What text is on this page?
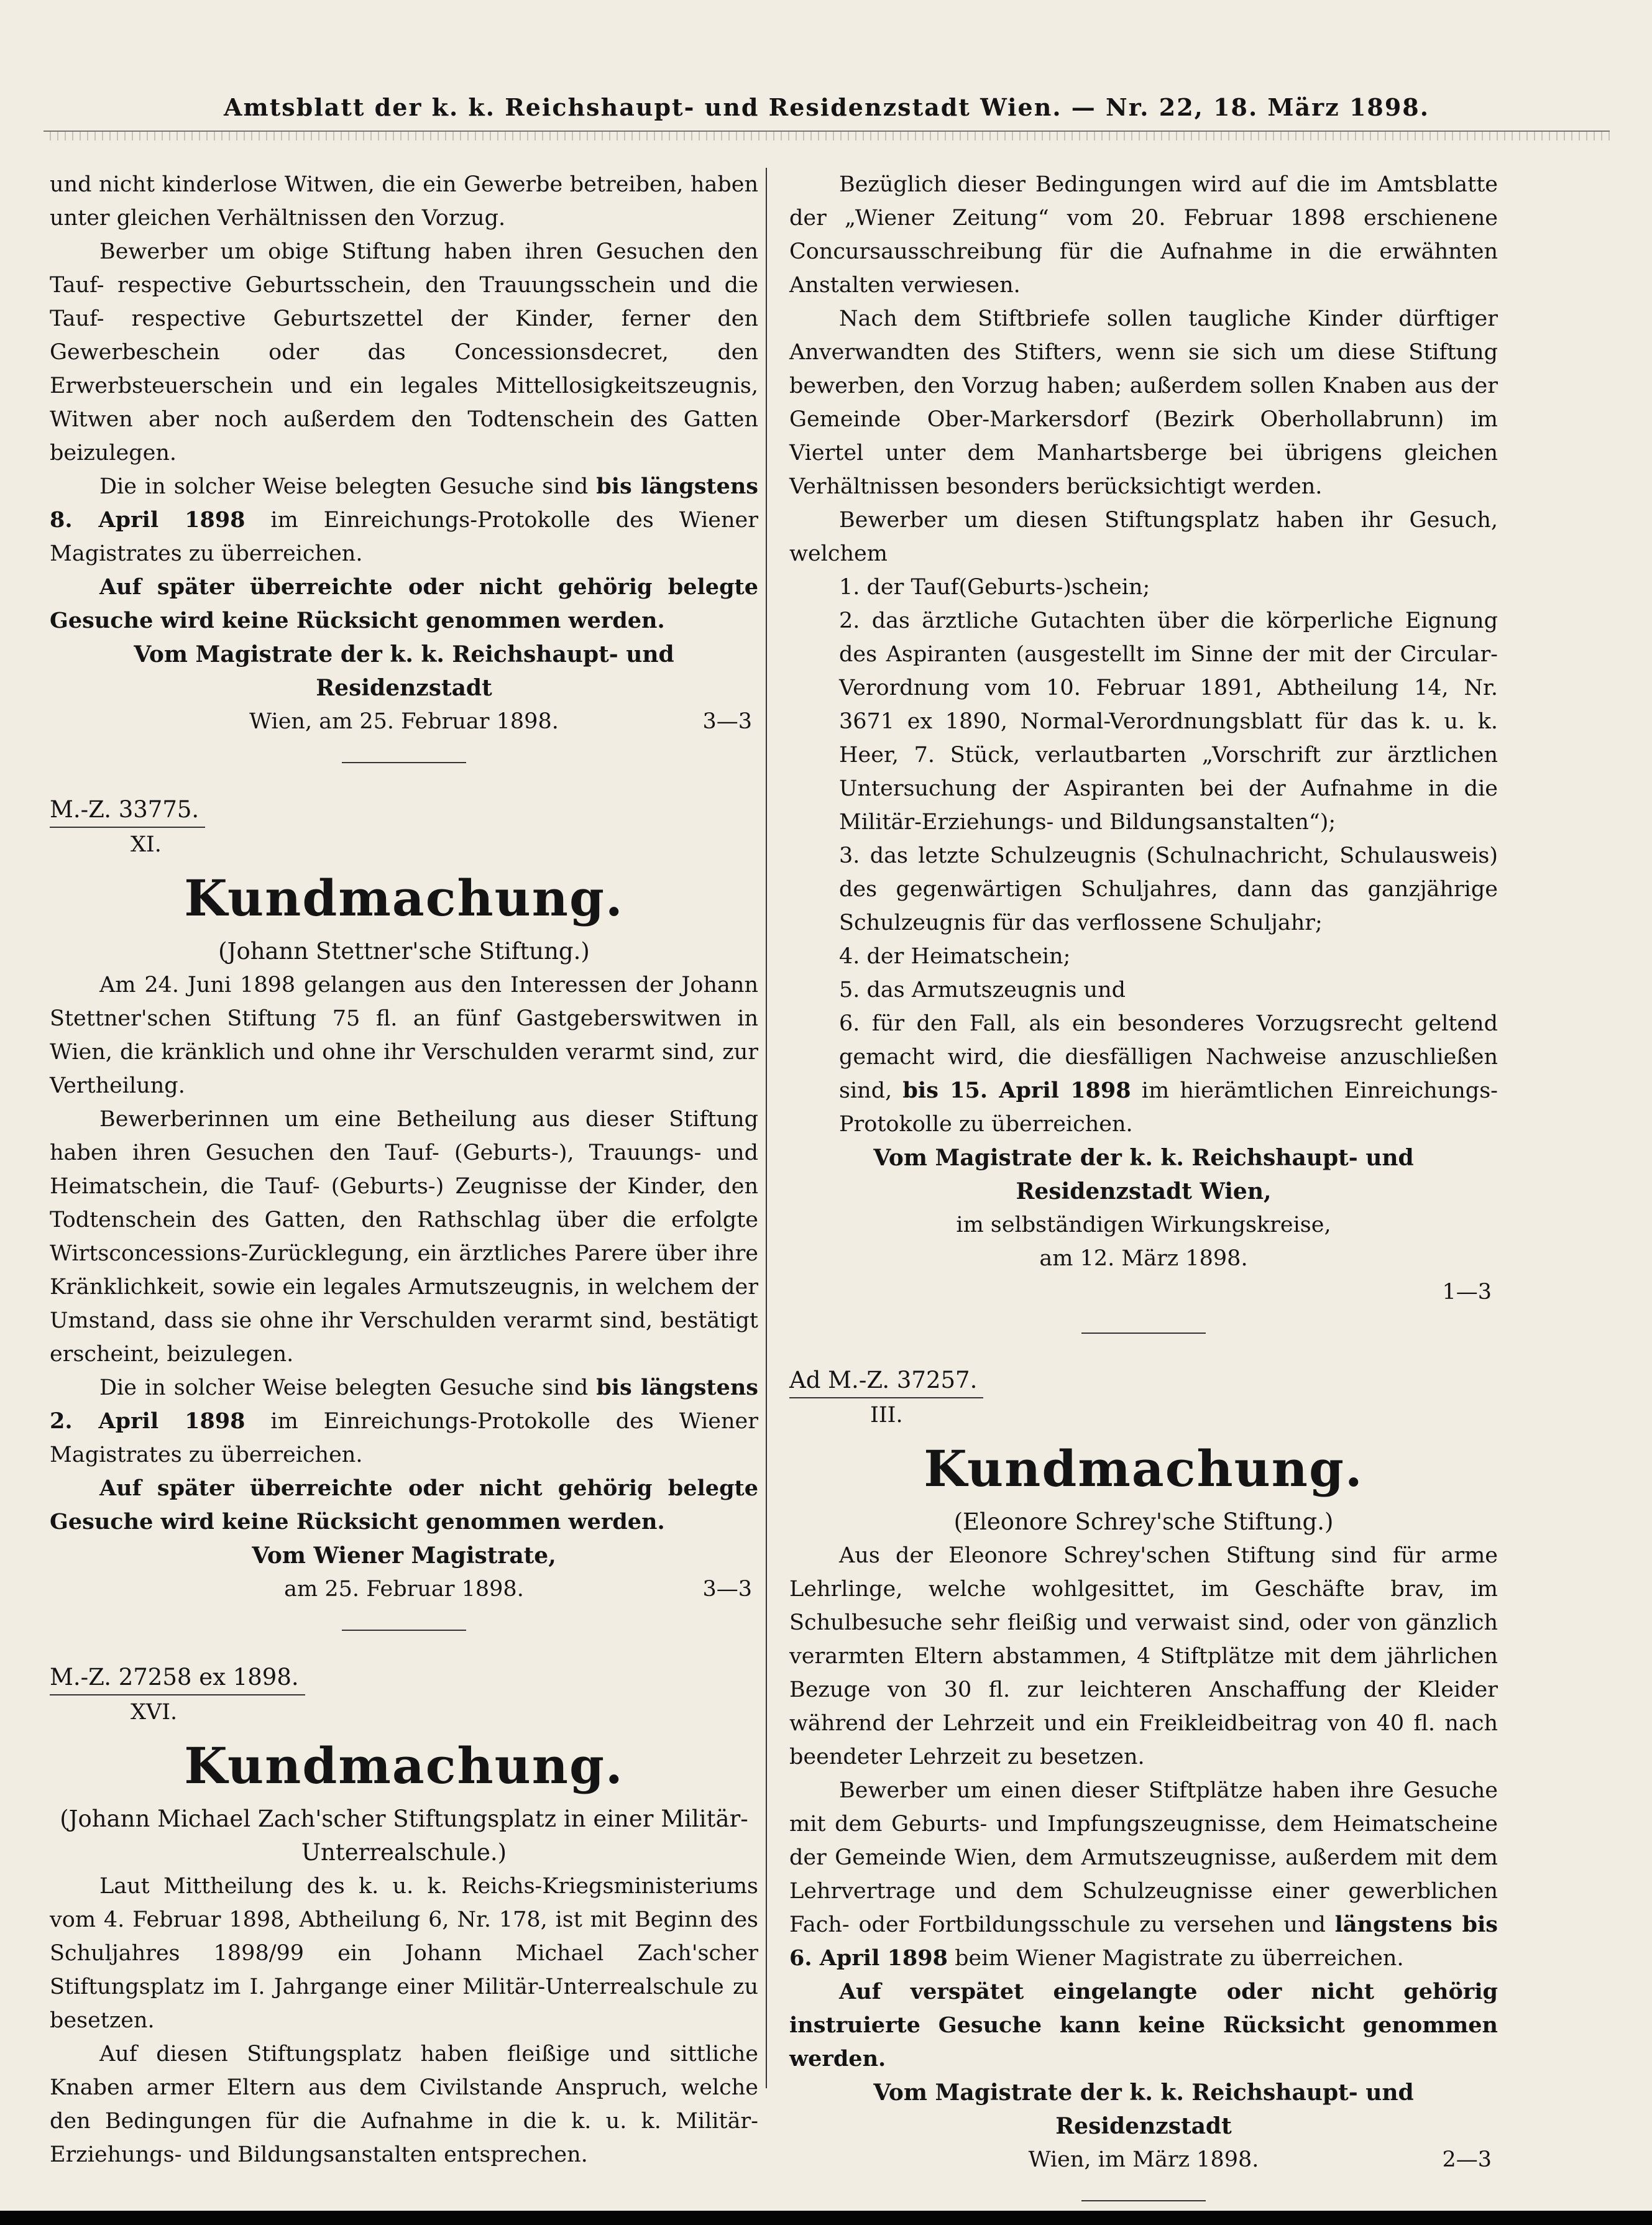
Amtsblatt der k. k. Reichshaupt- und Residenzstadt Wien. — Nr. 22, 18. März 1898.

und nicht kinderlose Witwen, die ein Gewerbe betreiben, haben unter gleichen Verhältnissen den Vorzug.

Bewerber um obige Stiftung haben ihren Gesuchen den Tauf- respective Geburtsschein, den Trauungsschein und die Tauf- respective Geburtszettel der Kinder, ferner den Gewerbeschein oder das Concessionsdecret, den Erwerbsteuerschein und ein legales Mittellosigkeitszeugnis, Witwen aber noch außerdem den Todtenschein des Gatten beizulegen.

Die in solcher Weise belegten Gesuche sind bis längstens 8. April 1898 im Einreichungs-Protokolle des Wiener Magistrates zu überreichen.

Auf später überreichte oder nicht gehörig belegte Gesuche wird keine Rücksicht genommen werden.

Vom Magistrate der k. k. Reichshaupt- und Residenzstadt

Wien, am 25. Februar 1898.	3—3
M.-Z. 33775.
XI.
Kundmachung.
(Johann Stettner'sche Stiftung.)

Am 24. Juni 1898 gelangen aus den Interessen der Johann Stettner'schen Stiftung 75 fl. an fünf Gastgeberswitwen in Wien, die kränklich und ohne ihr Verschulden verarmt sind, zur Vertheilung.

Bewerberinnen um eine Betheilung aus dieser Stiftung haben ihren Gesuchen den Tauf- (Geburts-), Trauungs- und Heimatschein, die Tauf- (Geburts-) Zeugnisse der Kinder, den Todtenschein des Gatten, den Rathschlag über die erfolgte Wirtsconcessions-Zurücklegung, ein ärztliches Parere über ihre Kränklichkeit, sowie ein legales Armutszeugnis, in welchem der Umstand, dass sie ohne ihr Verschulden verarmt sind, bestätigt erscheint, beizulegen.

Die in solcher Weise belegten Gesuche sind bis längstens 2. April 1898 im Einreichungs-Protokolle des Wiener Magistrates zu überreichen.

Auf später überreichte oder nicht gehörig belegte Gesuche wird keine Rücksicht genommen werden.

Vom Wiener Magistrate,

am 25. Februar 1898.	3—3
M.-Z. 27258 ex 1898.
XVI.
Kundmachung.
(Johann Michael Zach'scher Stiftungsplatz in einer Militär-Unterrealschule.)

Laut Mittheilung des k. u. k. Reichs-Kriegsministeriums vom 4. Februar 1898, Abtheilung 6, Nr. 178, ist mit Beginn des Schuljahres 1898/99 ein Johann Michael Zach'scher Stiftungsplatz im I. Jahrgange einer Militär-Unterrealschule zu besetzen.

Auf diesen Stiftungsplatz haben fleißige und sittliche Knaben armer Eltern aus dem Civilstande Anspruch, welche den Bedingungen für die Aufnahme in die k. u. k. Militär-Erziehungs- und Bildungsanstalten entsprechen.

Bezüglich dieser Bedingungen wird auf die im Amtsblatte der „Wiener Zeitung“ vom 20. Februar 1898 erschienene Concursausschreibung für die Aufnahme in die erwähnten Anstalten verwiesen.

Nach dem Stiftbriefe sollen taugliche Kinder dürftiger Anverwandten des Stifters, wenn sie sich um diese Stiftung bewerben, den Vorzug haben; außerdem sollen Knaben aus der Gemeinde Ober-Markersdorf (Bezirk Oberhollabrunn) im Viertel unter dem Manhartsberge bei übrigens gleichen Verhältnissen besonders berücksichtigt werden.

Bewerber um diesen Stiftungsplatz haben ihr Gesuch, welchem

1. der Tauf(Geburts-)schein;

2. das ärztliche Gutachten über die körperliche Eignung des Aspiranten (ausgestellt im Sinne der mit der Circular-Verordnung vom 10. Februar 1891, Abtheilung 14, Nr. 3671 ex 1890, Normal-Verordnungsblatt für das k. u. k. Heer, 7. Stück, verlautbarten „Vorschrift zur ärztlichen Untersuchung der Aspiranten bei der Aufnahme in die Militär-Erziehungs- und Bildungsanstalten“);

3. das letzte Schulzeugnis (Schulnachricht, Schulausweis) des gegenwärtigen Schuljahres, dann das ganzjährige Schulzeugnis für das verflossene Schuljahr;

4. der Heimatschein;

5. das Armutszeugnis und

6. für den Fall, als ein besonderes Vorzugsrecht geltend gemacht wird, die diesfälligen Nachweise anzuschließen sind, bis 15. April 1898 im hierämtlichen Einreichungs-Protokolle zu überreichen.

Vom Magistrate der k. k. Reichshaupt- und Residenzstadt Wien,

im selbständigen Wirkungskreise,

am 12. März 1898.

1—3

Ad M.-Z. 37257.
III.
Kundmachung.
(Eleonore Schrey'sche Stiftung.)

Aus der Eleonore Schrey'schen Stiftung sind für arme Lehrlinge, welche wohlgesittet, im Geschäfte brav, im Schulbesuche sehr fleißig und verwaist sind, oder von gänzlich verarmten Eltern abstammen, 4 Stiftplätze mit dem jährlichen Bezuge von 30 fl. zur leichteren Anschaffung der Kleider während der Lehrzeit und ein Freikleidbeitrag von 40 fl. nach beendeter Lehrzeit zu besetzen.

Bewerber um einen dieser Stiftplätze haben ihre Gesuche mit dem Geburts- und Impfungszeugnisse, dem Heimatscheine der Gemeinde Wien, dem Armutszeugnisse, außerdem mit dem Lehrvertrage und dem Schulzeugnisse einer gewerblichen Fach- oder Fortbildungsschule zu versehen und längstens bis 6. April 1898 beim Wiener Magistrate zu überreichen.

Auf verspätet eingelangte oder nicht gehörig instruierte Gesuche kann keine Rücksicht genommen werden.

Vom Magistrate der k. k. Reichshaupt- und Residenzstadt

Wien, im März 1898.	2—3
